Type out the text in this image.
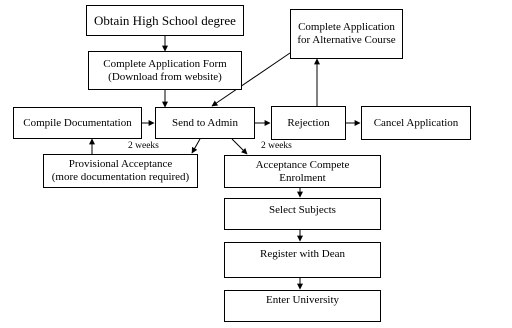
Obtain High School degree
Complete Application Form
(Download from website)
Complete Application
for Alternative Course
Compile Documentation	Send to Admin	Rejection	Cancel Application
Provisional Acceptance
(more documentation required)
Acceptance Compete
Enrolment
Select Subjects
Register with Dean
Enter University
2 weeks	2 weeks
